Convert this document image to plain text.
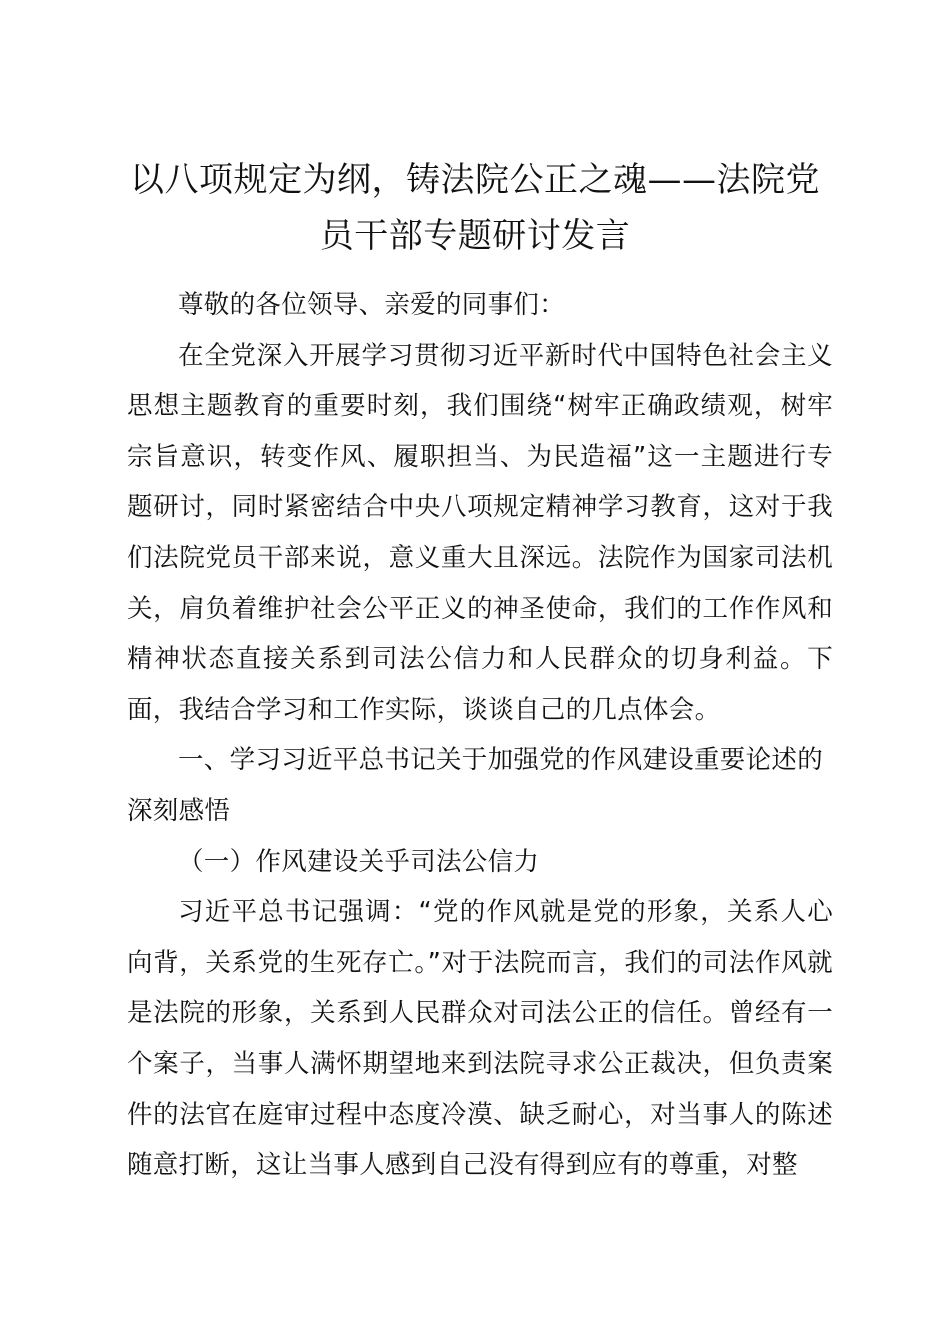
以八项规定为纲，铸法院公正之魂——法院党员干部专题研讨发言

尊敬的各位领导、亲爱的同事们：

在全党深入开展学习贯彻习近平新时代中国特色社会主义思想主题教育的重要时刻，我们围绕“树牢正确政绩观，树牢宗旨意识，转变作风、履职担当、为民造福”这一主题进行专题研讨，同时紧密结合中央八项规定精神学习教育，这对于我们法院党员干部来说，意义重大且深远。法院作为国家司法机关，肩负着维护社会公平正义的神圣使命，我们的工作作风和精神状态直接关系到司法公信力和人民群众的切身利益。下面，我结合学习和工作实际，谈谈自己的几点体会。

一、学习习近平总书记关于加强党的作风建设重要论述的深刻感悟

（一）作风建设关乎司法公信力

习近平总书记强调：“党的作风就是党的形象，关系人心向背，关系党的生死存亡。”对于法院而言，我们的司法作风就是法院的形象，关系到人民群众对司法公正的信任。曾经有一个案子，当事人满怀期望地来到法院寻求公正裁决，但负责案件的法官在庭审过程中态度冷漠、缺乏耐心，对当事人的陈述随意打断，这让当事人感到自己没有得到应有的尊重，对整
